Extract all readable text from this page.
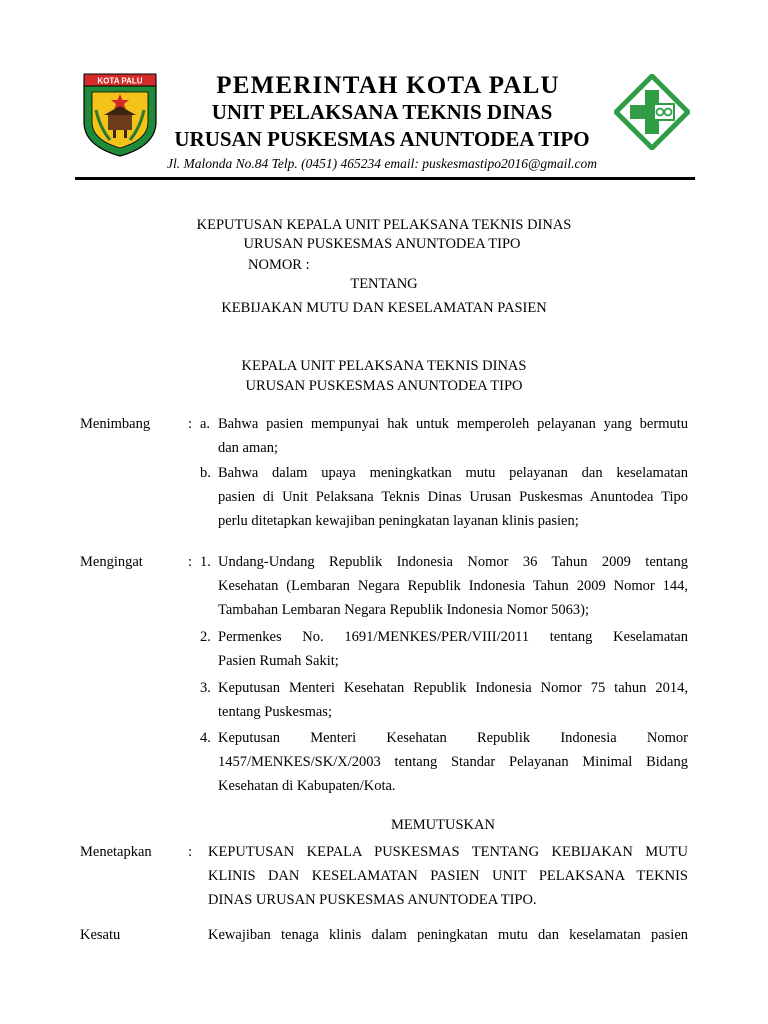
KOTA PALU	PEMERINTAH KOTA PALU
UNIT PELAKSANA TEKNIS DINAS
URUSAN PUSKESMAS ANUNTODEA TIPO
Jl. Malonda No.84 Telp. (0451) 465234 email: puskesmastipo2016@gmail.com
KEPUTUSAN KEPALA UNIT PELAKSANA TEKNIS DINAS
URUSAN PUSKESMAS ANUNTODEA TIPO
NOMOR :
TENTANG
KEBIJAKAN MUTU DAN KESELAMATAN PASIEN
KEPALA UNIT PELAKSANA TEKNIS DINAS
URUSAN PUSKESMAS ANUNTODEA TIPO
Menimbang	: a. Bahwa pasien mempunyai hak untuk memperoleh pelayanan yang bermutu
dan aman;
b. Bahwa dalam upaya meningkatkan mutu pelayanan dan keselamatan
pasien di Unit Pelaksana Teknis Dinas Urusan Puskesmas Anuntodea Tipo
perlu ditetapkan kewajiban peningkatan layanan klinis pasien;
Mengingat	: 1. Undang-Undang Republik Indonesia Nomor 36 Tahun 2009 tentang
Kesehatan (Lembaran Negara Republik Indonesia Tahun 2009 Nomor 144,
Tambahan Lembaran Negara Republik Indonesia Nomor 5063);
2. Permenkes No. 1691/MENKES/PER/VIII/2011 tentang Keselamatan
Pasien Rumah Sakit;
3. Keputusan Menteri Kesehatan Republik Indonesia Nomor 75 tahun 2014,
tentang Puskesmas;
4. Keputusan Menteri Kesehatan Republik Indonesia Nomor
1457/MENKES/SK/X/2003 tentang Standar Pelayanan Minimal Bidang
Kesehatan di Kabupaten/Kota.
MEMUTUSKAN
Menetapkan	: KEPUTUSAN KEPALA PUSKESMAS TENTANG KEBIJAKAN MUTU
KLINIS DAN KESELAMATAN PASIEN UNIT PELAKSANA TEKNIS
DINAS URUSAN PUSKESMAS ANUNTODEA TIPO.
Kesatu	Kewajiban tenaga klinis dalam peningkatan mutu dan keselamatan pasien
